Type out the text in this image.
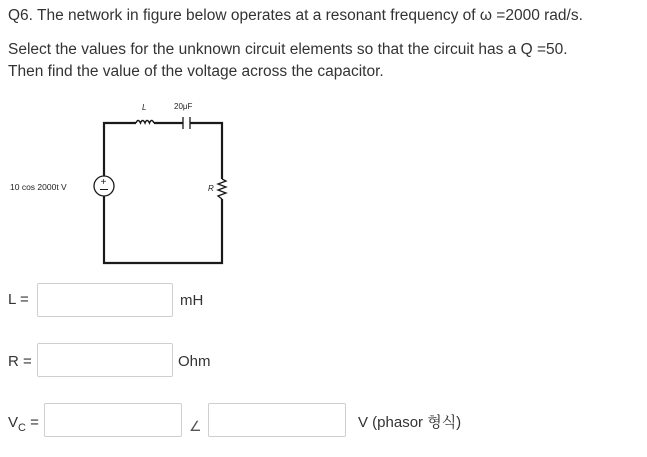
Q6. The network in figure below operates at a resonant frequency of ω =2000 rad/s.

Select the values for the unknown circuit elements so that the circuit has a Q =50.

Then find the value of the voltage across the capacitor.

L	20μF
R
+
10 cos 2000t V
L =	mH
R =	Ohm
$V_C$ =	∠	V (phasor 형식)
